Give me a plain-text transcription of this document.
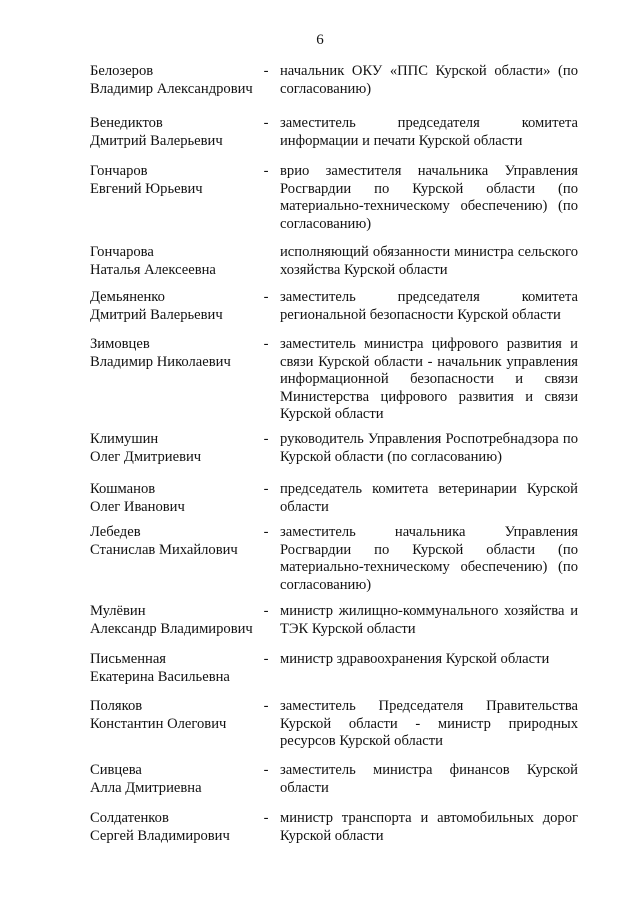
6
Белозеров
Владимир Александрович
- начальник ОКУ «ППС Курской области» (по согласованию)
Венедиктов
Дмитрий Валерьевич
- заместитель председателя комитета информации и печати Курской области
Гончаров
Евгений Юрьевич
- врио заместителя начальника Управления Росгвардии по Курской области (по материально-техническому обеспечению) (по согласованию)
Гончарова
Наталья Алексеевна
исполняющий обязанности министра сельского хозяйства Курской области
Демьяненко
Дмитрий Валерьевич
- заместитель председателя комитета региональной безопасности Курской области
Зимовцев
Владимир Николаевич
- заместитель министра цифрового развития и связи Курской области - начальник управления информационной безопасности и связи Министерства цифрового развития и связи Курской области
Климушин
Олег Дмитриевич
- руководитель Управления Роспотребнадзора по Курской области (по согласованию)
Кошманов
Олег Иванович
- председатель комитета ветеринарии Курской области
Лебедев
Станислав Михайлович
- заместитель начальника Управления Росгвардии по Курской области (по материально-техническому обеспечению) (по согласованию)
Мулёвин
Александр Владимирович
- министр жилищно-коммунального хозяйства и ТЭК Курской области
Письменная
Екатерина Васильевна
- министр здравоохранения Курской области
Поляков
Константин Олегович
- заместитель Председателя Правительства Курской области - министр природных ресурсов Курской области
Сивцева
Алла Дмитриевна
- заместитель министра финансов Курской области
Солдатенков
Сергей Владимирович
- министр транспорта и автомобильных дорог Курской области
